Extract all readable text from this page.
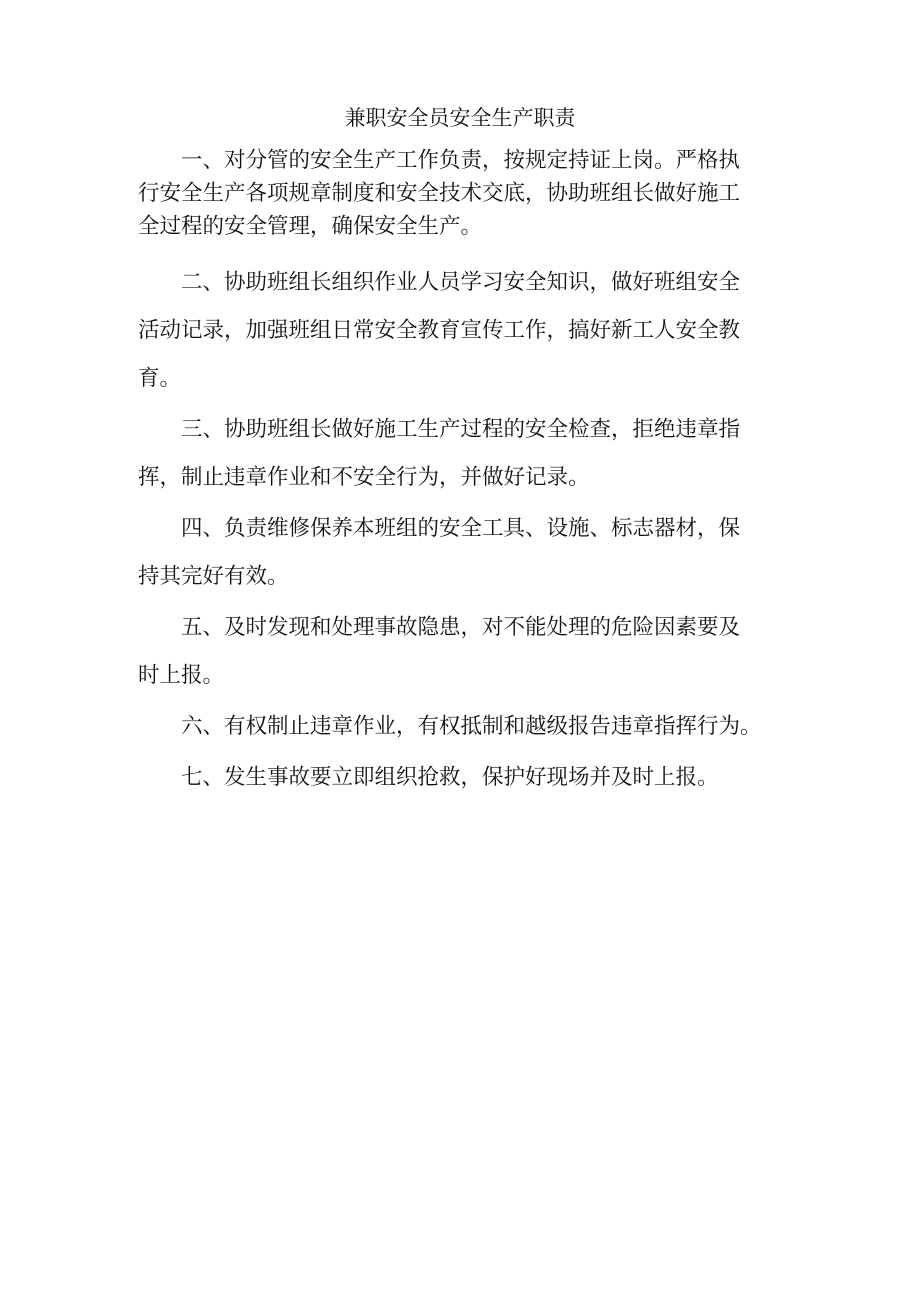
兼职安全员安全生产职责

一、对分管的安全生产工作负责，按规定持证上岗。严格执
行安全生产各项规章制度和安全技术交底，协助班组长做好施工
全过程的安全管理，确保安全生产。

二、协助班组长组织作业人员学习安全知识，做好班组安全
活动记录，加强班组日常安全教育宣传工作，搞好新工人安全教
育。

三、协助班组长做好施工生产过程的安全检查，拒绝违章指
挥，制止违章作业和不安全行为，并做好记录。

四、负责维修保养本班组的安全工具、设施、标志器材，保
持其完好有效。

五、及时发现和处理事故隐患，对不能处理的危险因素要及
时上报。

六、有权制止违章作业，有权抵制和越级报告违章指挥行为。

七、发生事故要立即组织抢救，保护好现场并及时上报。
